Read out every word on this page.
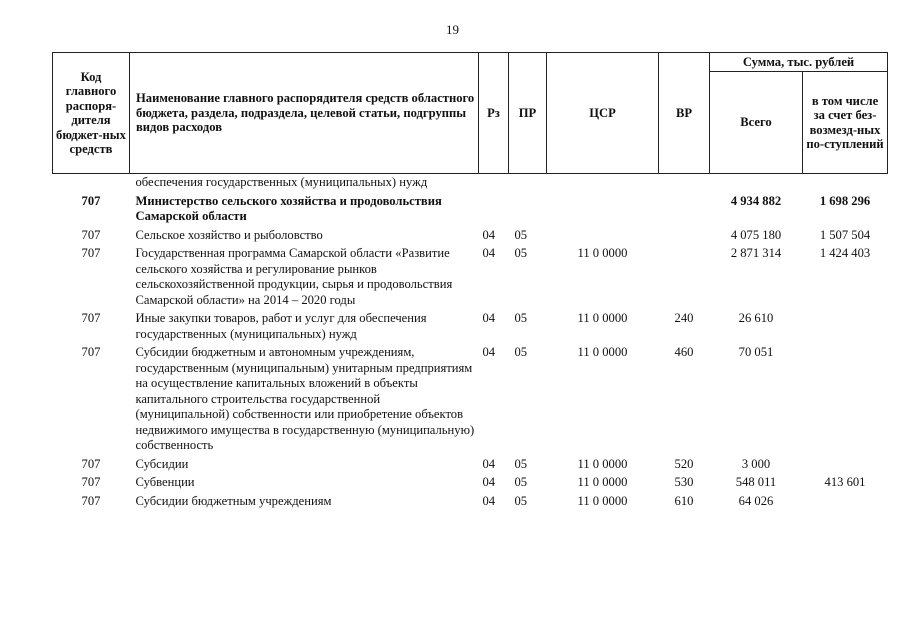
19
Код главного распоря-дителя бюджет-ных средств	Наименование главного распорядителя средств областного бюджета, раздела, подраздела, целевой статьи, подгруппы видов расходов	Рз	ПР	ЦСР	ВР	Сумма, тыс. рублей	
						Всего	в том числе за счет без-возмезд-ных по-ступлений
	обеспечения государственных (муниципальных) нужд						
707	Министерство сельского хозяйства и продовольствия Самарской области					4 934 882	1 698 296
707	Сельское хозяйство и рыболовство	04	05			4 075 180	1 507 504
707	Государственная программа Самарской области «Развитие сельского хозяйства и регулирование рынков сельскохозяйственной продукции, сырья и продовольствия Самарской области» на 2014 – 2020 годы	04	05	11 0 0000		2 871 314	1 424 403
707	Иные закупки товаров, работ и услуг для обеспечения государственных (муниципальных) нужд	04	05	11 0 0000	240	26 610	
707	Субсидии бюджетным и автономным учреждениям, государственным (муниципальным) унитарным предприятиям на осуществление капитальных вложений в объекты капитального строительства государственной (муниципальной) собственности или приобретение объектов недвижимого имущества в государственную (муниципальную) собственность	04	05	11 0 0000	460	70 051	
707	Субсидии	04	05	11 0 0000	520	3 000	
707	Субвенции	04	05	11 0 0000	530	548 011	413 601
707	Субсидии бюджетным учреждениям	04	05	11 0 0000	610	64 026	
